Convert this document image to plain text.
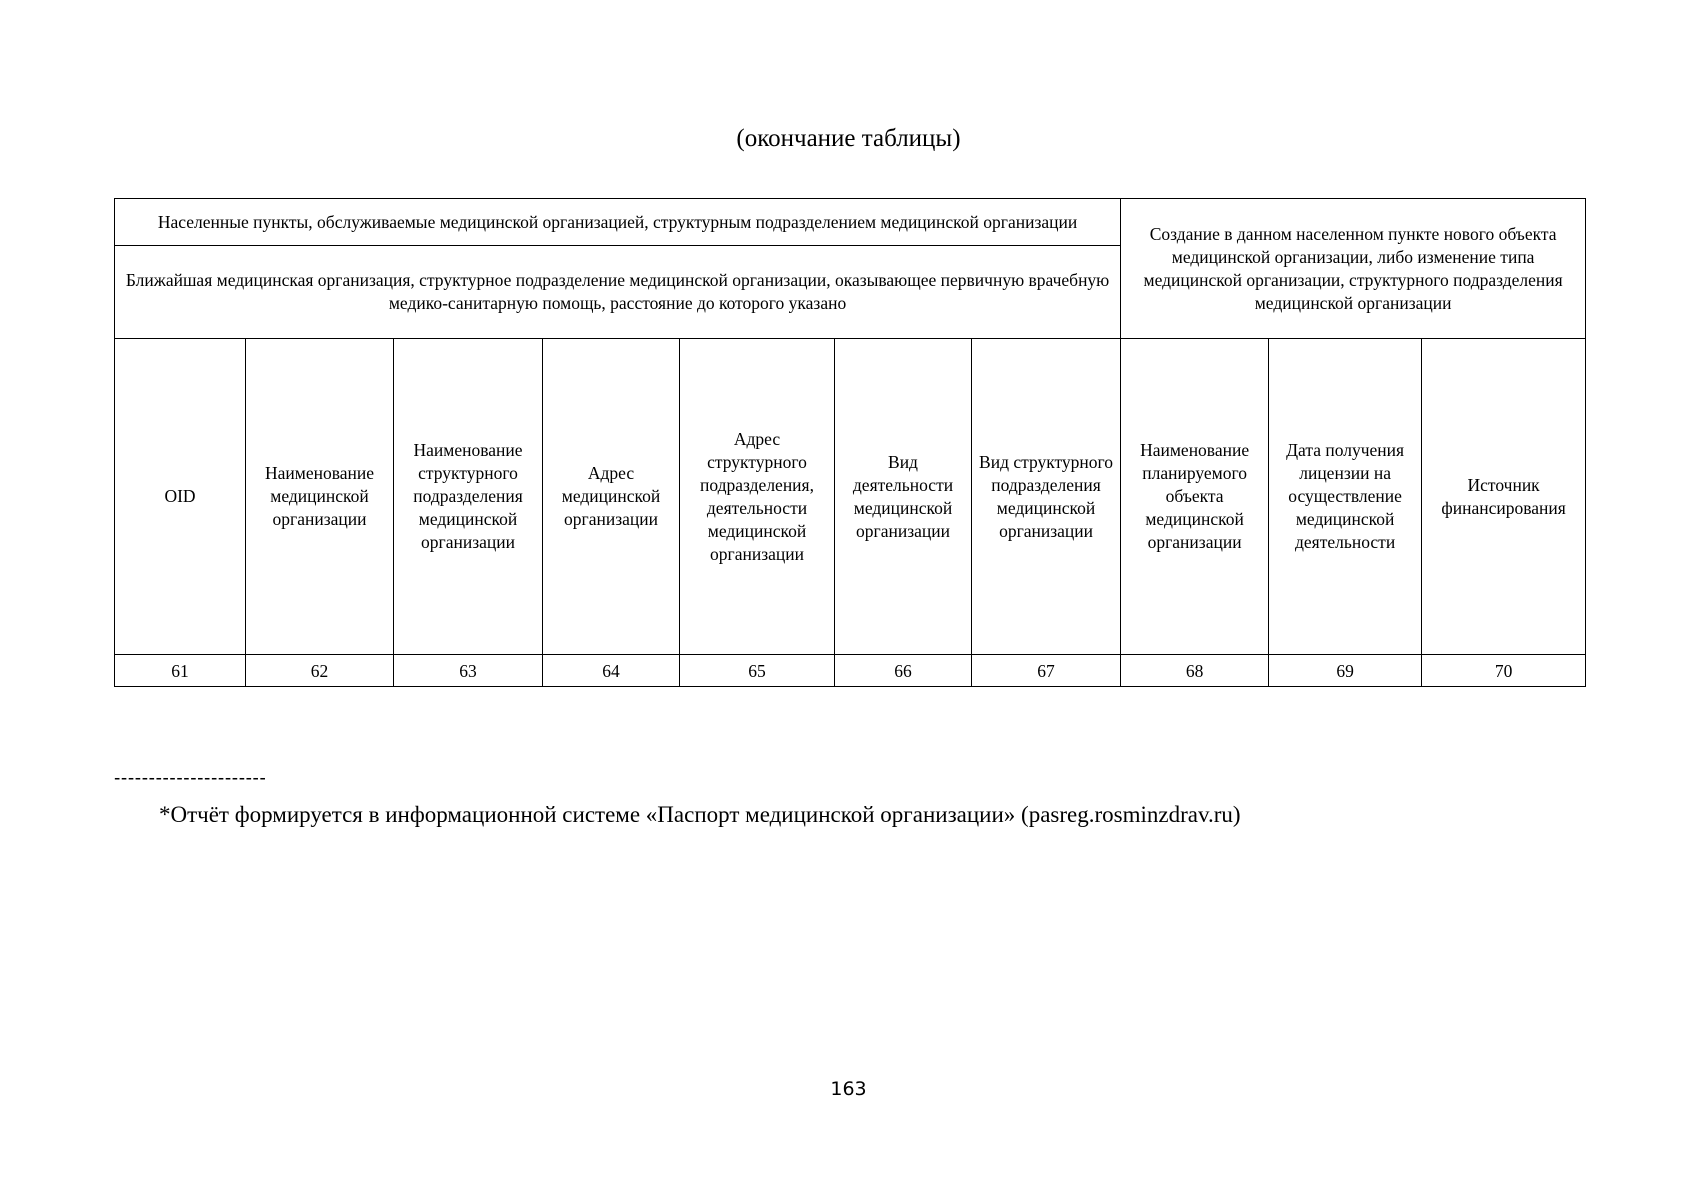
(окончание таблицы)
Населенные пункты, обслуживаемые медицинской организацией, структурным подразделением медицинской организации							Создание в данном населенном пункте нового объекта медицинской организации, либо изменение типа медицинской организации, структурного подразделения медицинской организации		
Ближайшая медицинская организация, структурное подразделение медицинской организации, оказывающее первичную врачебную медико-санитарную помощь, расстояние до которого указано									
OID	Наименование медицинской организации	Наименование структурного подразделения медицинской организации	Адрес медицинской организации	Адрес структурного подразделения, деятельности медицинской организации	Вид деятельности медицинской организации	Вид структурного подразделения медицинской организации	Наименование планируемого объекта медицинской организации	Дата получения лицензии на осуществление медицинской деятельности	Источник финансирования
61	62	63	64	65	66	67	68	69	70
----------------------
*Отчёт формируется в информационной системе «Паспорт медицинской организации» (pasreg.rosminzdrav.ru)
163
